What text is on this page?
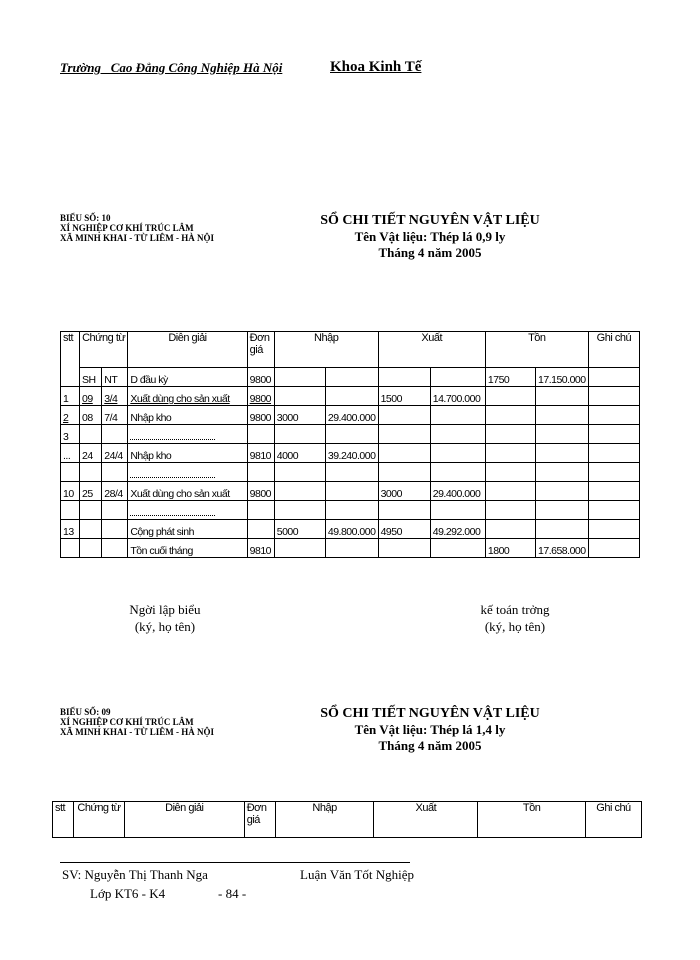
Trường   Cao Đẳng Công Nghiệp Hà Nội	Khoa Kinh Tế
BIỂU SỐ: 10
XÍ NGHIỆP CƠ KHÍ TRÚC LÂM
XÃ MINH KHAI - TỪ LIÊM - HÀ NỘI
SỔ CHI TIẾT NGUYÊN VẬT LIỆU
Tên Vật liệu: Thép lá 0,9 ly
Tháng 4 năm 2005
stt	Chứng từ		Diễn giải	Đơn
giá	Nhập		Xuất		Tồn		Ghi chú
	SH	NT	D đầu kỳ	9800					1750	17.150.000	
1	09	3/4	Xuất dùng cho sản xuất	9800			1500	14.700.000			
2	08	7/4	Nhập kho	9800	3000	29.400.000					
3											
...	24	24/4	Nhập kho	9810	4000	39.240.000					

10	25	28/4	Xuất dùng cho sản xuất	9800			3000	29.400.000			

13			Cộng phát sinh		5000	49.800.000	4950	49.292.000			
			Tồn cuối tháng	9810					1800	17.658.000	
Ngời lập biểu
(ký, họ tên)
kế toán trởng
(ký, họ tên)
BIỂU SỐ: 09
XÍ NGHIỆP CƠ KHÍ TRÚC LÂM
XÃ MINH KHAI - TỪ LIÊM - HÀ NỘI
SỔ CHI TIẾT NGUYÊN VẬT LIỆU
Tên Vật liệu: Thép lá 1,4 ly
Tháng 4 năm 2005
stt	Chứng từ	Diễn giải	Đơn
giá
	Nhập	Xuất	Tồn	Ghi chú
SV: Nguyễn Thị Thanh Nga	Luận Văn Tốt Nghiệp
Lớp KT6 - K4	- 84 -
